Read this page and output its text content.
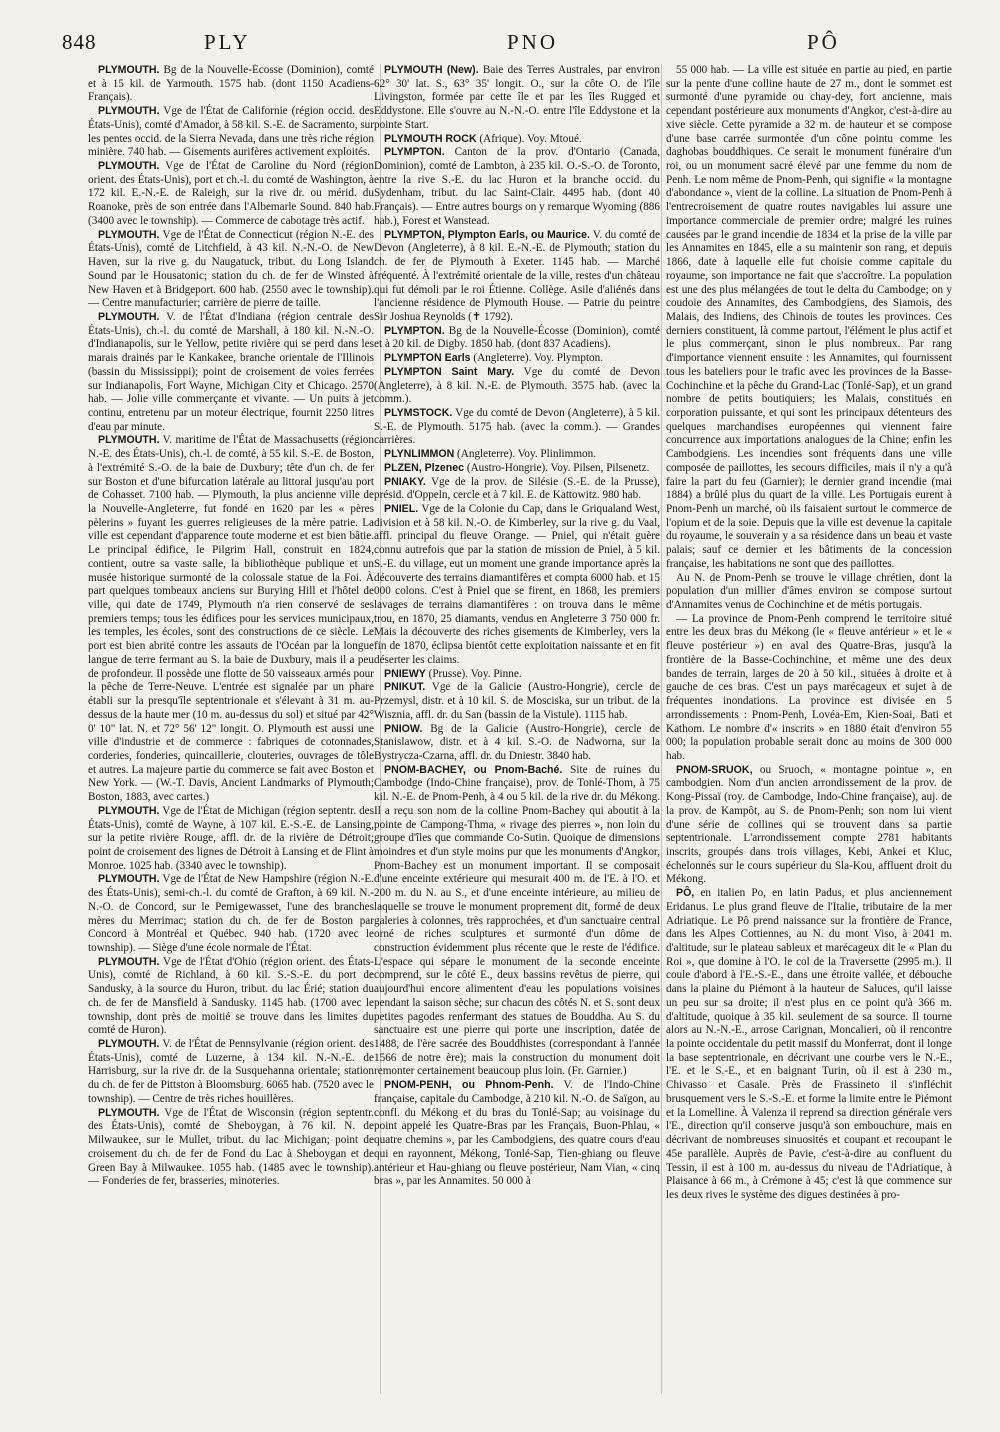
848	PLY	PNO	PÔ

PLYMOUTH. Bg de la Nouvelle-Écosse (Dominion), comté et à 15 kil. de Yarmouth. 1575 hab. (dont 1150 Acadiens-Français).

PLYMOUTH. Vge de l'État de Californie (région occid. des États-Unis), comté d'Amador, à 58 kil. S.-E. de Sacramento, sur les pentes occid. de la Sierra Nevada, dans une très riche région minière. 740 hab. — Gisements aurifères activement exploités.

PLYMOUTH. Vge de l'État de Caroline du Nord (région orient. des États-Unis), port et ch.-l. du comté de Washington, à 172 kil. E.-N.-E. de Raleigh, sur la rive dr. ou mérid. du Roanoke, près de son entrée dans l'Albemarle Sound. 840 hab. (3400 avec le township). — Commerce de cabotage très actif.

PLYMOUTH. Vge de l'État de Connecticut (région N.-E. des États-Unis), comté de Litchfield, à 43 kil. N.-N.-O. de New Haven, sur la rive g. du Naugatuck, tribut. du Long Island Sound par le Housatonic; station du ch. de fer de Winsted à New Haven et à Bridgeport. 600 hab. (2550 avec le township). — Centre manufacturier; carrière de pierre de taille.

PLYMOUTH. V. de l'État d'Indiana (région centrale des États-Unis), ch.-l. du comté de Marshall, à 180 kil. N.-N.-O. d'Indianapolis, sur le Yellow, petite rivière qui se perd dans les marais drainés par le Kankakee, branche orientale de l'Illinois (bassin du Mississippi); point de croisement de voies ferrées sur Indianapolis, Fort Wayne, Michigan City et Chicago. 2570 hab. — Jolie ville commerçante et vivante. — Un puits à jet continu, entretenu par un moteur électrique, fournit 2250 litres d'eau par minute.

PLYMOUTH. V. maritime de l'État de Massachusetts (région N.-E. des États-Unis), ch.-l. de comté, à 55 kil. S.-E. de Boston, à l'extrémité S.-O. de la baie de Duxbury; tête d'un ch. de fer sur Boston et d'une bifurcation latérale au littoral jusqu'au port de Cohasset. 7100 hab. — Plymouth, la plus ancienne ville de la Nouvelle-Angleterre, fut fondé en 1620 par les « pères pèlerins » fuyant les guerres religieuses de la mère patrie. La ville est cependant d'apparence toute moderne et est bien bâtie. Le principal édifice, le Pilgrim Hall, construit en 1824, contient, outre sa vaste salle, la bibliothèque publique et un musée historique surmonté de la colossale statue de la Foi. À part quelques tombeaux anciens sur Burying Hill et l'hôtel de ville, qui date de 1749, Plymouth n'a rien conservé de ses premiers temps; tous les édifices pour les services municipaux, les temples, les écoles, sont des constructions de ce siècle. Le port est bien abrité contre les assauts de l'Océan par la longue langue de terre fermant au S. la baie de Duxbury, mais il a peu de profondeur. Il possède une flotte de 50 vaisseaux armés pour la pêche de Terre-Neuve. L'entrée est signalée par un phare établi sur la presqu'île septentrionale et s'élevant à 31 m. au-dessus de la haute mer (10 m. au-dessus du sol) et situé par 42° 0' 10" lat. N. et 72° 56' 12" longit. O. Plymouth est aussi une ville d'industrie et de commerce : fabriques de cotonnades, corderies, fonderies, quincaillerie, clouteries, ouvrages de tôle et autres. La majeure partie du commerce se fait avec Boston et New York. — (W.-T. Davis, Ancient Landmarks of Plymouth; Boston, 1883, avec cartes.)

PLYMOUTH. Vge de l'État de Michigan (région septentr. des États-Unis), comté de Wayne, à 107 kil. E.-S.-E. de Lansing, sur la petite rivière Rouge, affl. dr. de la rivière de Détroit; point de croisement des lignes de Détroit à Lansing et de Flint à Monroe. 1025 hab. (3340 avec le township).

PLYMOUTH. Vge de l'État de New Hampshire (région N.-E. des États-Unis), semi-ch.-l. du comté de Grafton, à 69 kil. N.-N.-O. de Concord, sur le Pemigewasset, l'une des branches mères du Merrimac; station du ch. de fer de Boston par Concord à Montréal et Québec. 940 hab. (1720 avec le township). — Siège d'une école normale de l'État.

PLYMOUTH. Vge de l'État d'Ohio (région orient. des États-Unis), comté de Richland, à 60 kil. S.-S.-E. du port de Sandusky, à la source du Huron, tribut. du lac Érié; station du ch. de fer de Mansfield à Sandusky. 1145 hab. (1700 avec le township, dont près de moitié se trouve dans les limites du comté de Huron).

PLYMOUTH. V. de l'État de Pennsylvanie (région orient. des États-Unis), comté de Luzerne, à 134 kil. N.-N.-E. de Harrisburg, sur la rive dr. de la Susquehanna orientale; station du ch. de fer de Pittston à Bloomsburg. 6065 hab. (7520 avec le township). — Centre de très riches houillères.

PLYMOUTH. Vge de l'État de Wisconsin (région septentr. des États-Unis), comté de Sheboygan, à 76 kil. N. de Milwaukee, sur le Mullet, tribut. du lac Michigan; point de croisement du ch. de fer de Fond du Lac à Sheboygan et de Green Bay à Milwaukee. 1055 hab. (1485 avec le township). — Fonderies de fer, brasseries, minoteries.

PLYMOUTH (New). Baie des Terres Australes, par environ 62° 30' lat. S., 63° 35' longit. O., sur la côte O. de l'île Livingston, formée par cette île et par les îles Rugged et Eddystone. Elle s'ouvre au N.-N.-O. entre l'île Eddystone et la pointe Start.

PLYMOUTH ROCK (Afrique). Voy. Mtoué.

PLYMPTON. Canton de la prov. d'Ontario (Canada, Dominion), comté de Lambton, à 235 kil. O.-S.-O. de Toronto, entre la rive S.-E. du lac Huron et la branche occid. du Sydenham, tribut. du lac Saint-Clair. 4495 hab. (dont 40 Français). — Entre autres bourgs on y remarque Wyoming (886 hab.), Forest et Wanstead.

PLYMPTON, Plympton Earls, ou Maurice. V. du comté de Devon (Angleterre), à 8 kil. E.-N.-E. de Plymouth; station du ch. de fer de Plymouth à Exeter. 1145 hab. — Marché fréquenté. À l'extrémité orientale de la ville, restes d'un château qui fut démoli par le roi Étienne. Collège. Asile d'aliénés dans l'ancienne résidence de Plymouth House. — Patrie du peintre Sir Joshua Reynolds (✝ 1792).

PLYMPTON. Bg de la Nouvelle-Écosse (Dominion), comté et à 20 kil. de Digby. 1850 hab. (dont 837 Acadiens).

PLYMPTON Earls (Angleterre). Voy. Plympton.

PLYMPTON Saint Mary. Vge du comté de Devon (Angleterre), à 8 kil. N.-E. de Plymouth. 3575 hab. (avec la comm.).

PLYMSTOCK. Vge du comté de Devon (Angleterre), à 5 kil. S.-E. de Plymouth. 5175 hab. (avec la comm.). — Grandes carrières.

PLYNLIMMON (Angleterre). Voy. Plinlimmon.

PLZEN, Plzenec (Austro-Hongrie). Voy. Pilsen, Pilsenetz.

PNIAKY. Vge de la prov. de Silésie (S.-E. de la Prusse), présid. d'Oppeln, cercle et à 7 kil. E. de Kattowitz. 980 hab.

PNIEL. Vge de la Colonie du Cap, dans le Griqualand West, division et à 58 kil. N.-O. de Kimberley, sur la rive g. du Vaal, affl. principal du fleuve Orange. — Pniel, qui n'était guère connu autrefois que par la station de mission de Pniel, à 5 kil. S.-E. du village, eut un moment une grande importance après la découverte des terrains diamantifères et compta 6000 hab. et 15 000 colons. C'est à Pniel que se firent, en 1868, les premiers lavages de terrains diamantifères : on trouva dans le même trou, en 1870, 25 diamants, vendus en Angleterre 3 750 000 fr. Mais la découverte des riches gisements de Kimberley, vers la fin de 1870, éclipsa bientôt cette exploitation naissante et en fit déserter les claims.

PNIEWY (Prusse). Voy. Pinne.

PNIKUT. Vge de la Galicie (Austro-Hongrie), cercle de Przemysl, distr. et à 10 kil. S. de Mosciska, sur un tribut. de la Wisznia, affl. dr. du San (bassin de la Vistule). 1115 hab.

PNIOW. Bg de la Galicie (Austro-Hongrie), cercle de Stanislawow, distr. et à 4 kil. S.-O. de Nadworna, sur la Bystrycza-Czarna, affl. dr. du Dniestr. 3840 hab.

PNOM-BACHEY, ou Pnom-Baché. Site de ruines du Cambodge (Indo-Chine française), prov. de Tonlé-Thom, à 75 kil. N.-E. de Pnom-Penh, à 4 ou 5 kil. de la rive dr. du Mékong. Il a reçu son nom de la colline Pnom-Bachey qui aboutit à la pointe de Campong-Thma, « rivage des pierres », non loin du groupe d'îles que commande Co-Sutin. Quoique de dimensions moindres et d'un style moins pur que les monuments d'Angkor, Pnom-Bachey est un monument important. Il se composait d'une enceinte extérieure qui mesurait 400 m. de l'E. à l'O. et 200 m. du N. au S., et d'une enceinte intérieure, au milieu de laquelle se trouve le monument proprement dit, formé de deux galeries à colonnes, très rapprochées, et d'un sanctuaire central orné de riches sculptures et surmonté d'un dôme de construction évidemment plus récente que le reste de l'édifice. L'espace qui sépare le monument de la seconde enceinte comprend, sur le côté E., deux bassins revêtus de pierre, qui aujourd'hui encore alimentent d'eau les populations voisines pendant la saison sèche; sur chacun des côtés N. et S. sont deux petites pagodes renfermant des statues de Bouddha. Au S. du sanctuaire est une pierre qui porte une inscription, datée de 1488, de l'ère sacrée des Bouddhistes (correspondant à l'année 1566 de notre ère); mais la construction du monument doit remonter certainement beaucoup plus loin. (Fr. Garnier.)

PNOM-PENH, ou Phnom-Penh. V. de l'Indo-Chine française, capitale du Cambodge, à 210 kil. N.-O. de Saïgon, au confl. du Mékong et du bras du Tonlé-Sap; au voisinage du point appelé les Quatre-Bras par les Français, Buon-Phlau, « quatre chemins », par les Cambodgiens, des quatre cours d'eau qui en rayonnent, Mékong, Tonlé-Sap, Tien-ghiang ou fleuve antérieur et Hau-ghiang ou fleuve postérieur, Nam Vian, « cinq bras », par les Annamites. 50 000 à

55 000 hab. — La ville est située en partie au pied, en partie sur la pente d'une colline haute de 27 m., dont le sommet est surmonté d'une pyramide ou chay-dey, fort ancienne, mais cependant postérieure aux monuments d'Angkor, c'est-à-dire au xive siècle. Cette pyramide a 32 m. de hauteur et se compose d'une base carrée surmontée d'un cône pointu comme les daghobas bouddhiques. Ce serait le monument funéraire d'un roi, ou un monument sacré élevé par une femme du nom de Penh. Le nom même de Pnom-Penh, qui signifie « la montagne d'abondance », vient de la colline. La situation de Pnom-Penh à l'entrecroisement de quatre routes navigables lui assure une importance commerciale de premier ordre; malgré les ruines causées par le grand incendie de 1834 et la prise de la ville par les Annamites en 1845, elle a su maintenir son rang, et depuis 1866, date à laquelle elle fut choisie comme capitale du royaume, son importance ne fait que s'accroître. La population est une des plus mélangées de tout le delta du Cambodge; on y coudoie des Annamites, des Cambodgiens, des Siamois, des Malais, des Indiens, des Chinois de toutes les provinces. Ces derniers constituent, là comme partout, l'élément le plus actif et le plus commerçant, sinon le plus nombreux. Par rang d'importance viennent ensuite : les Annamites, qui fournissent tous les bateliers pour le trafic avec les provinces de la Basse-Cochinchine et la pêche du Grand-Lac (Tonlé-Sap), et un grand nombre de petits boutiquiers; les Malais, constitués en corporation puissante, et qui sont les principaux détenteurs des quelques marchandises européennes qui viennent faire concurrence aux importations analogues de la Chine; enfin les Cambodgiens. Les incendies sont fréquents dans une ville composée de paillottes, les secours difficiles, mais il n'y a qu'à faire la part du feu (Garnier); le dernier grand incendie (mai 1884) a brûlé plus du quart de la ville. Les Portugais eurent à Pnom-Penh un marché, où ils faisaient surtout le commerce de l'opium et de la soie. Depuis que la ville est devenue la capitale du royaume, le souverain y a sa résidence dans un beau et vaste palais; sauf ce dernier et les bâtiments de la concession française, les habitations ne sont que des paillottes.

Au N. de Pnom-Penh se trouve le village chrétien, dont la population d'un millier d'âmes environ se compose surtout d'Annamites venus de Cochinchine et de métis portugais.

— La province de Pnom-Penh comprend le territoire situé entre les deux bras du Mékong (le « fleuve antérieur » et le « fleuve postérieur ») en aval des Quatre-Bras, jusqu'à la frontière de la Basse-Cochinchine, et même une des deux bandes de terrain, larges de 20 à 50 kil., situées à droite et à gauche de ces bras. C'est un pays marécageux et sujet à de fréquentes inondations. La province est divisée en 5 arrondissements : Pnom-Penh, Lovéa-Em, Kien-Soai, Bati et Kathom. Le nombre d'« inscrits » en 1880 était d'environ 55 000; la population probable serait donc au moins de 300 000 hab.

PNOM-SRUOK, ou Sruoch, « montagne pointue », en cambodgien. Nom d'un ancien arrondissement de la prov. de Kong-Pissaï (roy. de Cambodge, Indo-Chine française), auj. de la prov. de Kampôt, au S. de Pnom-Penh; son nom lui vient d'une série de collines qui se trouvent dans sa partie septentrionale. L'arrondissement compte 2781 habitants inscrits, groupés dans trois villages, Kebi, Ankei et Kluc, échelonnés sur le cours supérieur du Sla-Kou, affluent droit du Mékong.

PÔ, en italien Po, en latin Padus, et plus anciennement Eridanus. Le plus grand fleuve de l'Italie, tributaire de la mer Adriatique. Le Pô prend naissance sur la frontière de France, dans les Alpes Cottiennes, au N. du mont Viso, à 2041 m. d'altitude, sur le plateau sableux et marécageux dit le « Plan du Roi », que domine à l'O. le col de la Traversette (2995 m.). Il coule d'abord à l'E.-S.-E., dans une étroite vallée, et débouche dans la plaine du Piémont à la hauteur de Saluces, qu'il laisse un peu sur sa droite; il n'est plus en ce point qu'à 366 m. d'altitude, quoique à 35 kil. seulement de sa source. Il tourne alors au N.-N.-E., arrose Carignan, Moncalieri, où il rencontre la pointe occidentale du petit massif du Monferrat, dont il longe la base septentrionale, en décrivant une courbe vers le N.-E., l'E. et le S.-E., et en baignant Turin, où il est à 230 m., Chivasso et Casale. Près de Frassineto il s'infléchit brusquement vers le S.-S.-E. et forme la limite entre le Piémont et la Lomelline. À Valenza il reprend sa direction générale vers l'E., direction qu'il conserve jusqu'à son embouchure, mais en décrivant de nombreuses sinuosités et coupant et recoupant le 45e parallèle. Auprès de Pavie, c'est-à-dire au confluent du Tessin, il est à 100 m. au-dessus du niveau de l'Adriatique, à Plaisance à 66 m., à Crémone à 45; c'est là que commence sur les deux rives le système des digues destinées à pro-
